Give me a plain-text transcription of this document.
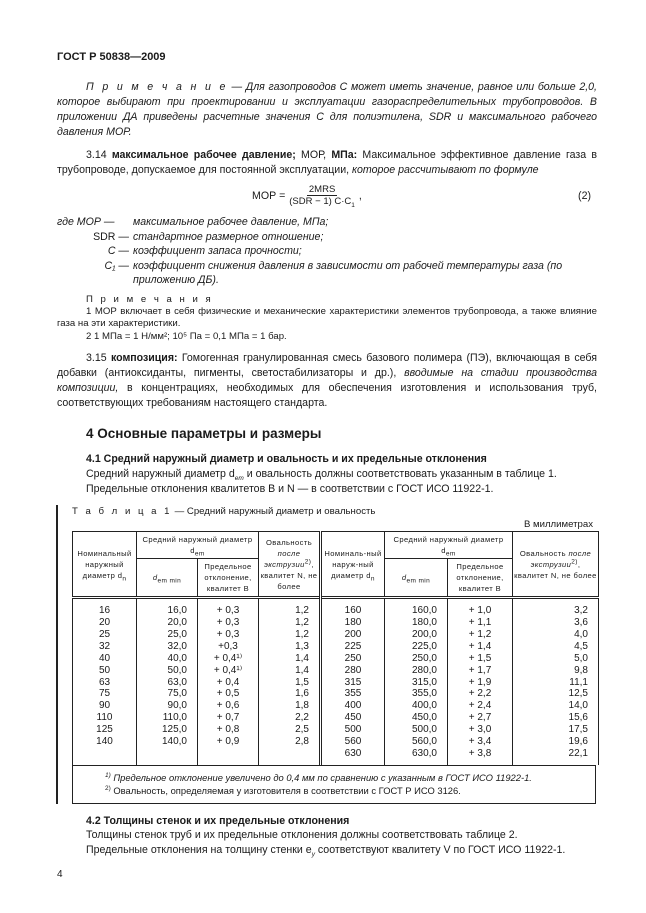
ГОСТ Р 50838—2009
П р и м е ч а н и е — Для газопроводов С может иметь значение, равное или больше 2,0, которое выбирают при проектировании и эксплуатации газораспределительных трубопроводов. В приложении ДА приведены расчетные значения С для полиэтилена, SDR и максимального рабочего давления МОР.
3.14 максимальное рабочее давление; МОР, МПа: Максимальное эффективное давление газа в трубопроводе, допускаемое для постоянной эксплуатации, которое рассчитывают по формуле
МОР = $\frac{\text{2MRS}}{(SDR - 1) C\cdot C_1}$ ,	(2)
где МОР —	максимальное рабочее давление, МПа;
SDR — стандартное размерное отношение;
C — коэффициент запаса прочности;
C₁ — коэффициент снижения давления в зависимости от рабочей температуры газа (по приложению ДБ).
П р и м е ч а н и я
1 МОР включает в себя физические и механические характеристики элементов трубопровода, а также влияние газа на эти характеристики.
2 1 МПа = 1 Н/мм²; 10⁵ Па = 0,1 МПа = 1 бар.
3.15 композиция: Гомогенная гранулированная смесь базового полимера (ПЭ), включающая в себя добавки (антиоксиданты, пигменты, светостабилизаторы и др.), вводимые на стадии производства композиции, в концентрациях, необходимых для обеспечения изготовления и использования труб, соответствующих требованиям настоящего стандарта.
4 Основные параметры и размеры
4.1 Средний наружный диаметр и овальность и их предельные отклонения
Средний наружный диаметр $d_{em}$ и овальность должны соответствовать указанным в таблице 1.
Предельные отклонения квалитетов B и N — в соответствии с ГОСТ ИСО 11922-1.
Т а б л и ц а 1 — Средний наружный диаметр и овальность
В миллиметрах
Номинальный наружный диаметр $d_n$	Средний наружный диаметр $d_{em}$		Овальность после экструзии$^{2)}$, квалитет N, не более	Номиналь-ный наруж-ный диаметр $d_n$	Средний наружный диаметр $d_{em}$		Овальность после экструзии$^{2)}$, квалитет N, не более
	$d_{em min}$	Предельное отклонение, квалитет B			$d_{em min}$	Предельное отклонение, квалитет B	
16	16,0	+ 0,3	1,2	160	160,0	+ 1,0	3,2
20	20,0	+ 0,3	1,2	180	180,0	+ 1,1	3,6
25	25,0	+ 0,3	1,2	200	200,0	+ 1,2	4,0
32	32,0	+0,3	1,3	225	225,0	+ 1,4	4,5
40	40,0	+ 0,4¹⁾	1,4	250	250,0	+ 1,5	5,0
50	50,0	+ 0,4¹⁾	1,4	280	280,0	+ 1,7	9,8
63	63,0	+ 0,4	1,5	315	315,0	+ 1,9	11,1
75	75,0	+ 0,5	1,6	355	355,0	+ 2,2	12,5
90	90,0	+ 0,6	1,8	400	400,0	+ 2,4	14,0
110	110,0	+ 0,7	2,2	450	450,0	+ 2,7	15,6
125	125,0	+ 0,8	2,5	500	500,0	+ 3,0	17,5
140	140,0	+ 0,9	2,8	560	560,0	+ 3,4	19,6
				630	630,0	+ 3,8	22,1
$^{1)}$ Предельное отклонение увеличено до 0,4 мм по сравнению с указанным в ГОСТ ИСО 11922-1.
$^{2)}$ Овальность, определяемая у изготовителя в соответствии с ГОСТ Р ИСО 3126.
4.2 Толщины стенок и их предельные отклонения
Толщины стенок труб и их предельные отклонения должны соответствовать таблице 2.
Предельные отклонения на толщину стенки $e_y$ соответствуют квалитету V по ГОСТ ИСО 11922-1.
4
